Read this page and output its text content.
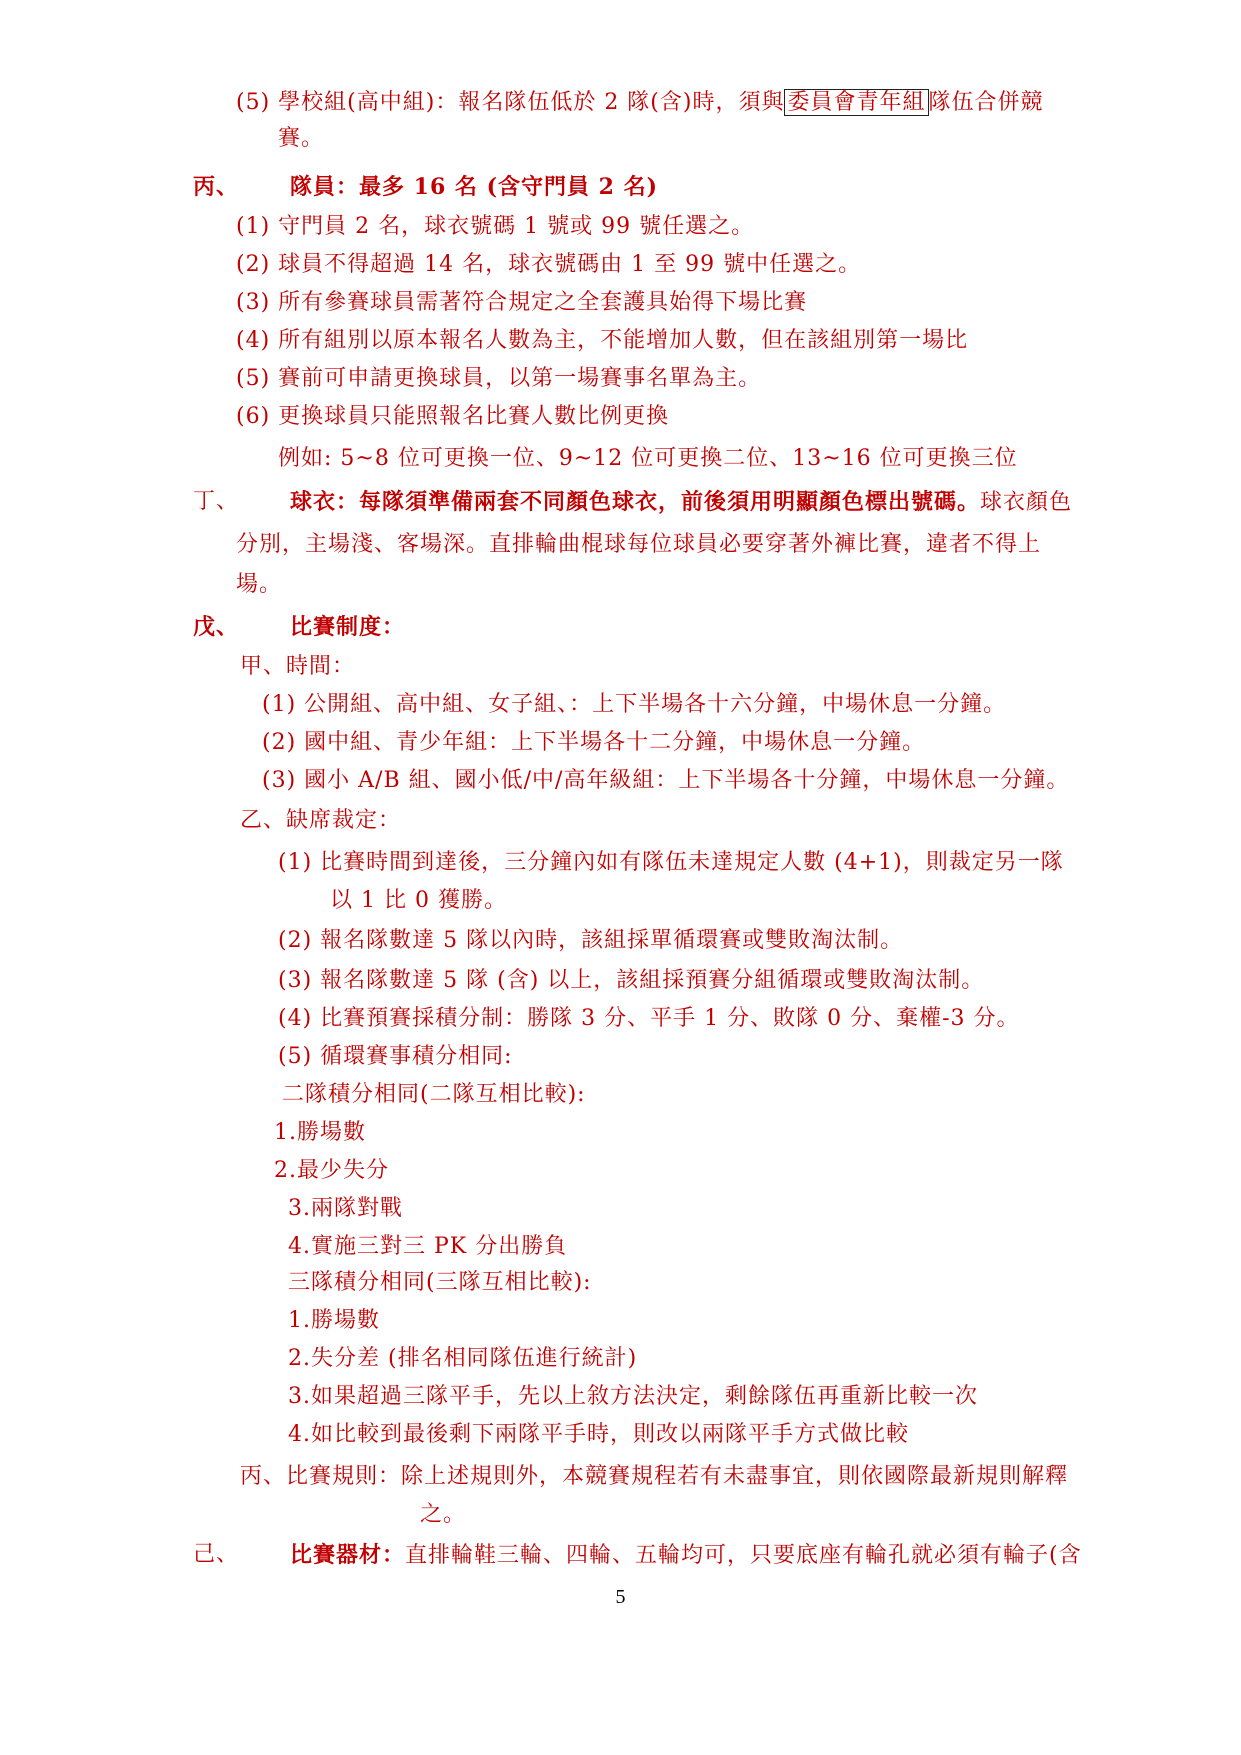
(5) 學校組(高中組)：報名隊伍低於 2 隊(含)時，須與 委員會青年組 隊伍合併競
賽。
丙、 隊員：最多 16 名 (含守門員 2 名)
(1) 守門員 2 名，球衣號碼 1 號或 99 號任選之。
(2) 球員不得超過 14 名，球衣號碼由 1 至 99 號中任選之。
(3) 所有參賽球員需著符合規定之全套護具始得下場比賽
(4) 所有組別以原本報名人數為主，不能增加人數，但在該組別第一場比
(5) 賽前可申請更換球員，以第一場賽事名單為主。
(6) 更換球員只能照報名比賽人數比例更換
例如: 5~8 位可更換一位、9~12 位可更換二位、13~16 位可更換三位
丁、 球衣：每隊須準備兩套不同顏色球衣，前後須用明顯顏色標出號碼。球衣顏色
分別，主場淺、客場深。直排輪曲棍球每位球員必要穿著外褲比賽，違者不得上
場。
戊、 比賽制度：
甲、時間：
(1) 公開組、高中組、女子組、：上下半場各十六分鐘，中場休息一分鐘。
(2) 國中組、青少年組：上下半場各十二分鐘，中場休息一分鐘。
(3) 國小 A/B 組、國小低/中/高年級組：上下半場各十分鐘，中場休息一分鐘。
乙、缺席裁定：
(1) 比賽時間到達後，三分鐘內如有隊伍未達規定人數 (4+1)，則裁定另一隊
以 1 比 0 獲勝。
(2) 報名隊數達 5 隊以內時，該組採單循環賽或雙敗淘汰制。
(3) 報名隊數達 5 隊 (含) 以上，該組採預賽分組循環或雙敗淘汰制。
(4) 比賽預賽採積分制：勝隊 3 分、平手 1 分、敗隊 0 分、棄權-3 分。
(5) 循環賽事積分相同:
二隊積分相同(二隊互相比較):
1.勝場數
2.最少失分
3.兩隊對戰
4.實施三對三 PK 分出勝負
三隊積分相同(三隊互相比較):
1.勝場數
2.失分差 (排名相同隊伍進行統計)
3.如果超過三隊平手，先以上敘方法決定，剩餘隊伍再重新比較一次
4.如比較到最後剩下兩隊平手時，則改以兩隊平手方式做比較
丙、比賽規則：除上述規則外，本競賽規程若有未盡事宜，則依國際最新規則解釋
之。
己、 比賽器材：直排輪鞋三輪、四輪、五輪均可，只要底座有輪孔就必須有輪子(含
5
